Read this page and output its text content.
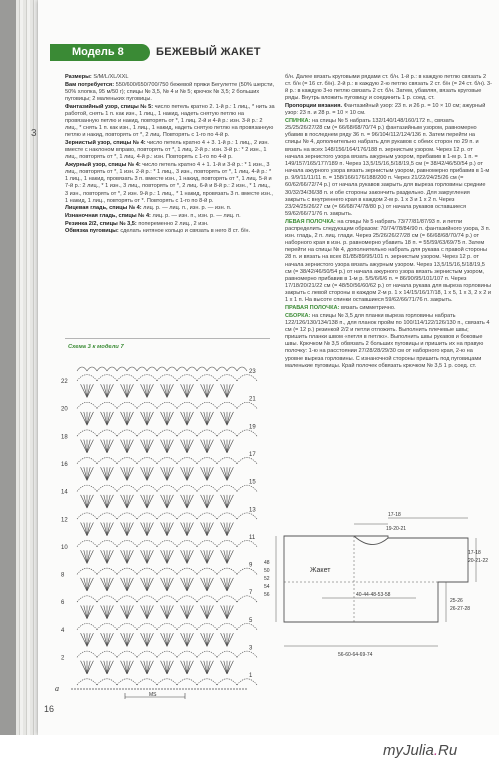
3
Модель 8	БЕЖЕВЫЙ ЖАКЕТ

Размеры: S/M/L/XL/XXL

Вам потребуется: 550/600/650/700/750 бежевой пряжи Бегулетте (50% шерсти, 50% хлопка, 95 м/50 г); спицы № 3,5, № 4 и № 5; крючок № 3,5; 2 больших пуговицы; 2 маленьких пуговицы.

Фантазийный узор, спицы № 5: число петель кратно 2. 1-й р.: 1 лиц., * нить за работой, снять 1 п. как изн., 1 лиц., 1 накид, надеть снятую петлю на провязанную петлю и накид, повторять от *, 1 лиц. 2-й и 4-й р.: изн. 3-й р.: 2 лиц., * снять 1 п. как изн., 1 лиц., 1 накид, надеть снятую петлю на провязанную петлю и накид, повторять от *, 2 лиц. Повторять с 1-го по 4-й р.

Зернистый узор, спицы № 4: число петель кратно 4 + 3. 1-й р.: 1 лиц., 2 изн. вместе с наклоном вправо, повторять от *, 1 лиц. 2-й р.: изн. 3-й р.: * 2 изн., 1 лиц., повторять от *, 1 лиц. 4-й р.: изн. Повторять с 1-го по 4-й р.

Ажурный узор, спицы № 4: число петель кратно 4 + 1. 1-й и 3-й р.: * 1 изн., 3 лиц., повторять от *, 1 изн. 2-й р.: * 1 лиц., 3 изн., повторять от *, 1 лиц. 4-й р.: * 1 лиц., 1 накид, провязать 3 п. вместе изн., 1 накид, повторять от *, 1 лиц. 5-й и 7-й р.: 2 лиц., * 1 изн., 3 лиц., повторять от *, 2 лиц. 6-й и 8-й р.: 2 изн., * 1 лиц., 3 изн., повторять от *, 2 изн. 9-й р.: 1 лиц., * 1 накид, провязать 3 п. вместе изн., 1 накид, 1 лиц., повторять от *. Повторять с 1-го по 8-й р.

Лицевая гладь, спицы № 4: лиц. р. — лиц. п., изн. р. — изн. п.

Изнаночная гладь, спицы № 4: лиц. р. — изн. п., изн. р. — лиц. п.

Резинка 2/2, спицы № 3,5: попеременно 2 лиц., 2 изн.

Обвязка пуговицы: сделать нитяное кольцо и связать в него 8 ст. б/н.

б/н. Далее вязать круговыми рядами ст. б/н. 1-й р.: в каждую петлю связать 2 ст. б/н (= 16 ст. б/н). 2-й р.: в каждую 2-ю петлю связать 2 ст. б/н (= 24 ст. б/н). 3-й р.: в каждую 3-ю петлю связать 2 ст. б/н. Затем, убавляя, вязать круговые ряды. Внутрь вложить пуговицу и соединить 1 р. соед. ст.

Пропорции вязания. Фантазийный узор: 23 п. и 26 р. = 10 × 10 см; ажурный узор: 23 п. и 28 р. = 10 × 10 см.

СПИНКА: на спицы № 5 набрать 132/140/148/160/172 п., связать 25/25/26/27/28 см (= 66/68/68/70/74 р.) фантазийным узором, равномерно убавив в последнем ряду 36 п. = 96/104/112/124/136 п. Затем перейти на спицы № 4, дополнительно набрать для рукавов с обеих сторон по 29 п. и вязать на всех 148/156/164/176/188 п. зернистым узором. Через 12 р. от начала зернистого узора вязать ажурным узором, прибавив в 1-м р. 1 п. = 149/157/165/177/189 п. Через 13,5/15/16,5/18/19,5 см (= 38/42/46/50/54 р.) от начала ажурного узора вязать зернистым узором, равномерно прибавив в 1-м р. 9/9/11/11/11 п. = 158/166/176/188/200 п. Через 21/22/24/25/26 см (= 60/62/66/72/74 р.) от начала рукавов закрыть для выреза горловины средние 30/32/34/36/38 п. и обе стороны закончить раздельно. Для закругления закрыть с внутреннего края в каждом 2-м р. 1 x 3 и 1 x 2 п. Через 23/24/25/26/27 см (= 66/68/74/78/80 р.) от начала рукавов оставшиеся 59/62/66/71/76 п. закрыть.

ЛЕВАЯ ПОЛОЧКА: на спицы № 5 набрать 73/77/81/87/93 п. и петли распределить следующим образом: 70/74/78/84/90 п. фантазийного узора, 3 п. изн. гладь, 2 п. лиц. глади. Через 25/26/26/27/28 см (= 66/68/68/70/74 р.) от наборного края в изн. р. равномерно убавить 18 п. = 55/59/63/69/75 п. Затем перейти на спицы № 4, дополнительно набрать для рукава с правой стороны 28 п. и вязать на всех 81/85/89/95/101 п. зернистым узором. Через 12 р. от начала зернистого узора вязать ажурным узором. Через 13,5/15/16,5/18/19,5 см (= 38/42/46/50/54 р.) от начала ажурного узора вязать зернистым узором, равномерно прибавив в 1-м р. 5/5/6/6/6 п. = 86/90/95/101/107 п. Через 17/18/20/21/22 см (= 48/50/56/60/62 р.) от начала рукава для выреза горловины закрыть с левой стороны в каждом 2-м р. 1 x 14/15/16/17/18, 1 x 5, 1 x 3, 2 x 2 и 1 x 1 п. На высоте спинки оставшиеся 59/62/66/71/76 п. закрыть.

ПРАВАЯ ПОЛОЧКА: вязать симметрично.

СБОРКА: на спицы № 3,5 для планки выреза горловины набрать 122/126/130/134/138 п., для планок пройм по 100/114/122/126/130 п., связать 4 см (= 12 р.) резинкой 2/2 и петли отложить. Выполнить плечевые швы; пришить планки швом «петля в петлю». Выполнить швы рукавов и боковые швы. Крючком № 3,5 обвязать 2 больших пуговицы и пришить их на правую полочку: 1-ю на расстоянии 27/28/28/29/30 см от наборного края, 2-ю на уровне выреза горловины. С изнаночной стороны пришить под пуговицами маленькие пуговицы. Край полочек обвязать крючком № 3,5 1 р. соед. ст.

Схема 3 к модели 7
22
20
18
16
14
12
10
8
6
4
2
23
21
19
17
15
13
11
9
7
5
3
1
a
MS
Жакет
17-18
19-20-21
48
50
52
54
56
17-18
20-21-22
40-44-48-53-58
25-26
26-27-28
56-60-64-69-74
16
myJulia.Ru
